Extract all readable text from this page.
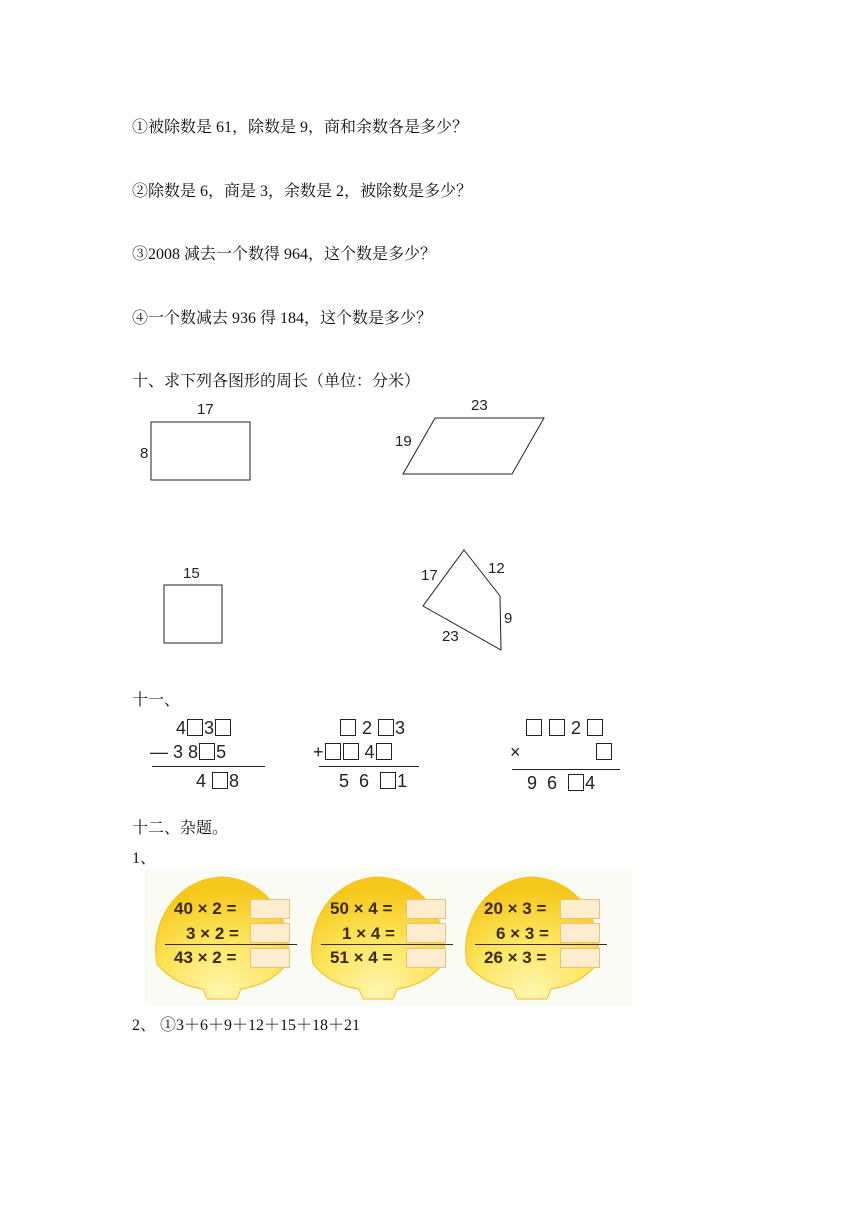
①被除数是 61，除数是 9，商和余数各是多少？
②除数是 6，商是 3，余数是 2，被除数是多少？
③2008 减去一个数得 964，这个数是多少？
④一个数减去 936 得 184，这个数是多少？
十、求下列各图形的周长（单位：分米）
17
8
23
19
15	17	12
9
23
十一、
4 3
— 3 8 5
4 8
2 3
+ 4
5 6 1
2
×
9 6 4
十二、杂题。
1、
40 × 2 =
3 × 2 =
43 × 2 =
50 × 4 =
1 × 4 =
51 × 4 =
20 × 3 =
6 × 3 =
26 × 3 =
2、 ①3＋6＋9＋12＋15＋18＋21
